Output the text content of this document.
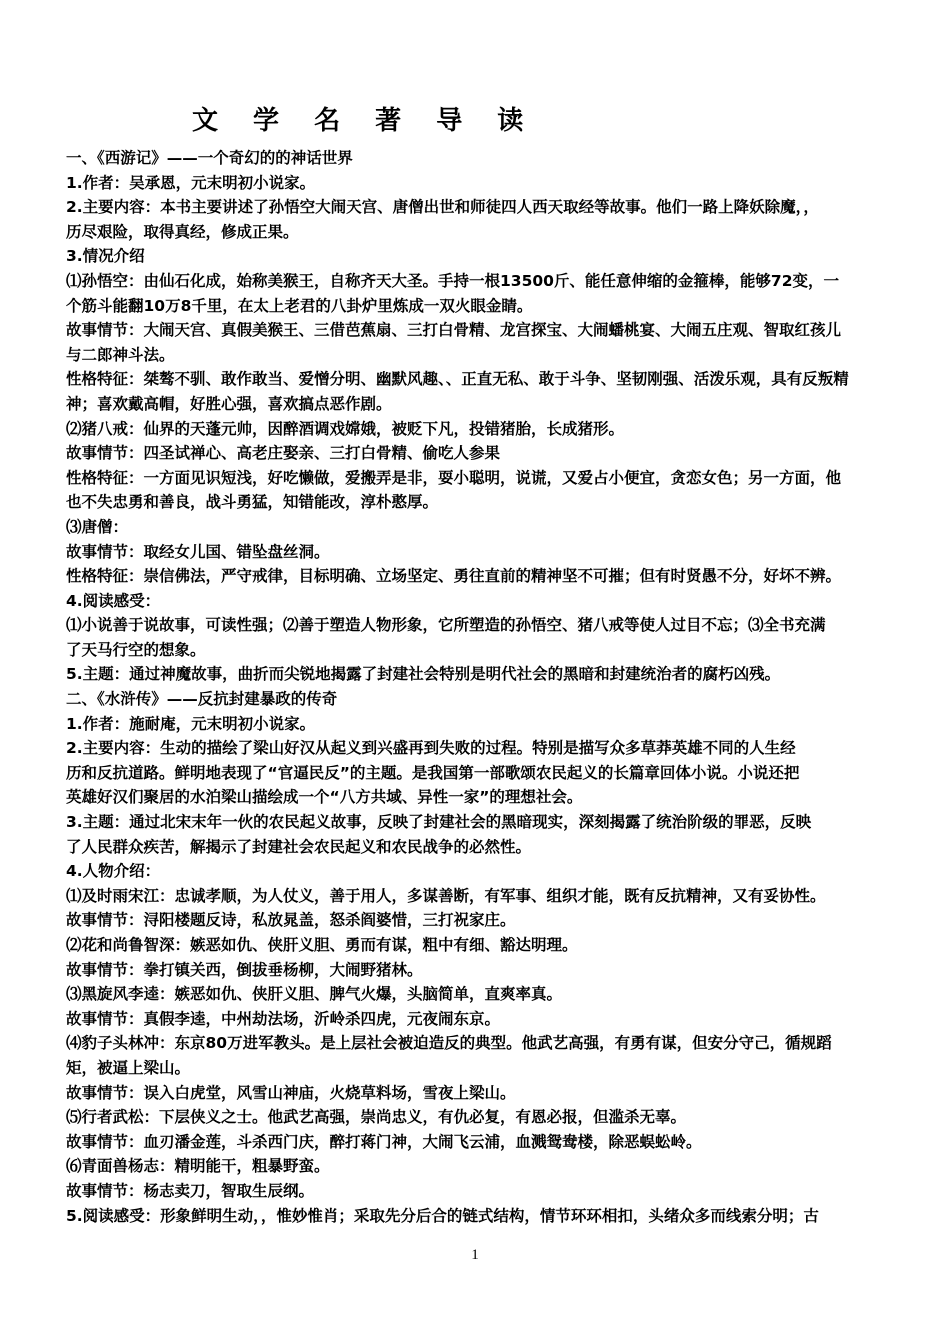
文 学 名 著 导 读
一、《西游记》——一个奇幻的的神话世界
1.作者：吴承恩，元末明初小说家。
2.主要内容：本书主要讲述了孙悟空大闹天宫、唐僧出世和师徒四人西天取经等故事。他们一路上降妖除魔，，
历尽艰险，取得真经，修成正果。
3.情况介绍
⑴孙悟空：由仙石化成，始称美猴王，自称齐天大圣。手持一根13500斤、能任意伸缩的金箍棒，能够72变，一
个筋斗能翻10万8千里，在太上老君的八卦炉里炼成一双火眼金睛。
故事情节：大闹天宫、真假美猴王、三借芭蕉扇、三打白骨精、龙宫探宝、大闹蟠桃宴、大闹五庄观、智取红孩儿
与二郎神斗法。
性格特征：桀骜不驯、敢作敢当、爱憎分明、幽默风趣、、正直无私、敢于斗争、坚韧刚强、活泼乐观，具有反叛精
神；喜欢戴高帽，好胜心强，喜欢搞点恶作剧。
⑵猪八戒：仙界的天蓬元帅，因醉酒调戏嫦娥，被贬下凡，投错猪胎，长成猪形。
故事情节：四圣试禅心、高老庄娶亲、三打白骨精、偷吃人参果
性格特征：一方面见识短浅，好吃懒做，爱搬弄是非，耍小聪明，说谎，又爱占小便宜，贪恋女色；另一方面，他
也不失忠勇和善良，战斗勇猛，知错能改，淳朴憨厚。
⑶唐僧：
故事情节：取经女儿国、错坠盘丝洞。
性格特征：崇信佛法，严守戒律，目标明确、立场坚定、勇往直前的精神坚不可摧；但有时贤愚不分，好坏不辨。
4.阅读感受：
⑴小说善于说故事，可读性强；⑵善于塑造人物形象，它所塑造的孙悟空、猪八戒等使人过目不忘；⑶全书充满
了天马行空的想象。
5.主题：通过神魔故事，曲折而尖锐地揭露了封建社会特别是明代社会的黑暗和封建统治者的腐朽凶残。
二、《水浒传》——反抗封建暴政的传奇
1.作者：施耐庵，元末明初小说家。
2.主要内容：生动的描绘了梁山好汉从起义到兴盛再到失败的过程。特别是描写众多草莽英雄不同的人生经
历和反抗道路。鲜明地表现了“官逼民反”的主题。是我国第一部歌颂农民起义的长篇章回体小说。小说还把
英雄好汉们聚居的水泊梁山描绘成一个“八方共域、异性一家”的理想社会。
3.主题：通过北宋末年一伙的农民起义故事，反映了封建社会的黑暗现实，深刻揭露了统治阶级的罪恶，反映
了人民群众疾苦，解揭示了封建社会农民起义和农民战争的必然性。
4.人物介绍：
⑴及时雨宋江：忠诚孝顺，为人仗义，善于用人，多谋善断，有军事、组织才能，既有反抗精神，又有妥协性。
故事情节：浔阳楼题反诗，私放晁盖，怒杀阎婆惜，三打祝家庄。
⑵花和尚鲁智深：嫉恶如仇、侠肝义胆、勇而有谋，粗中有细、豁达明理。
故事情节：拳打镇关西，倒拔垂杨柳，大闹野猪林。
⑶黑旋风李逵：嫉恶如仇、侠肝义胆、脾气火爆，头脑简单，直爽率真。
故事情节：真假李逵，中州劫法场，沂岭杀四虎，元夜闹东京。
⑷豹子头林冲：东京80万进军教头。是上层社会被迫造反的典型。他武艺高强，有勇有谋，但安分守己，循规蹈
矩，被逼上梁山。
故事情节：误入白虎堂，风雪山神庙，火烧草料场，雪夜上梁山。
⑸行者武松：下层侠义之士。他武艺高强，崇尚忠义，有仇必复，有恩必报，但滥杀无辜。
故事情节：血刃潘金莲，斗杀西门庆，醉打蒋门神，大闹飞云浦，血溅鸳鸯楼，除恶蜈蚣岭。
⑹青面兽杨志：精明能干，粗暴野蛮。
故事情节：杨志卖刀，智取生辰纲。
5.阅读感受：形象鲜明生动，，惟妙惟肖；采取先分后合的链式结构，情节环环相扣，头绪众多而线索分明；古
1
